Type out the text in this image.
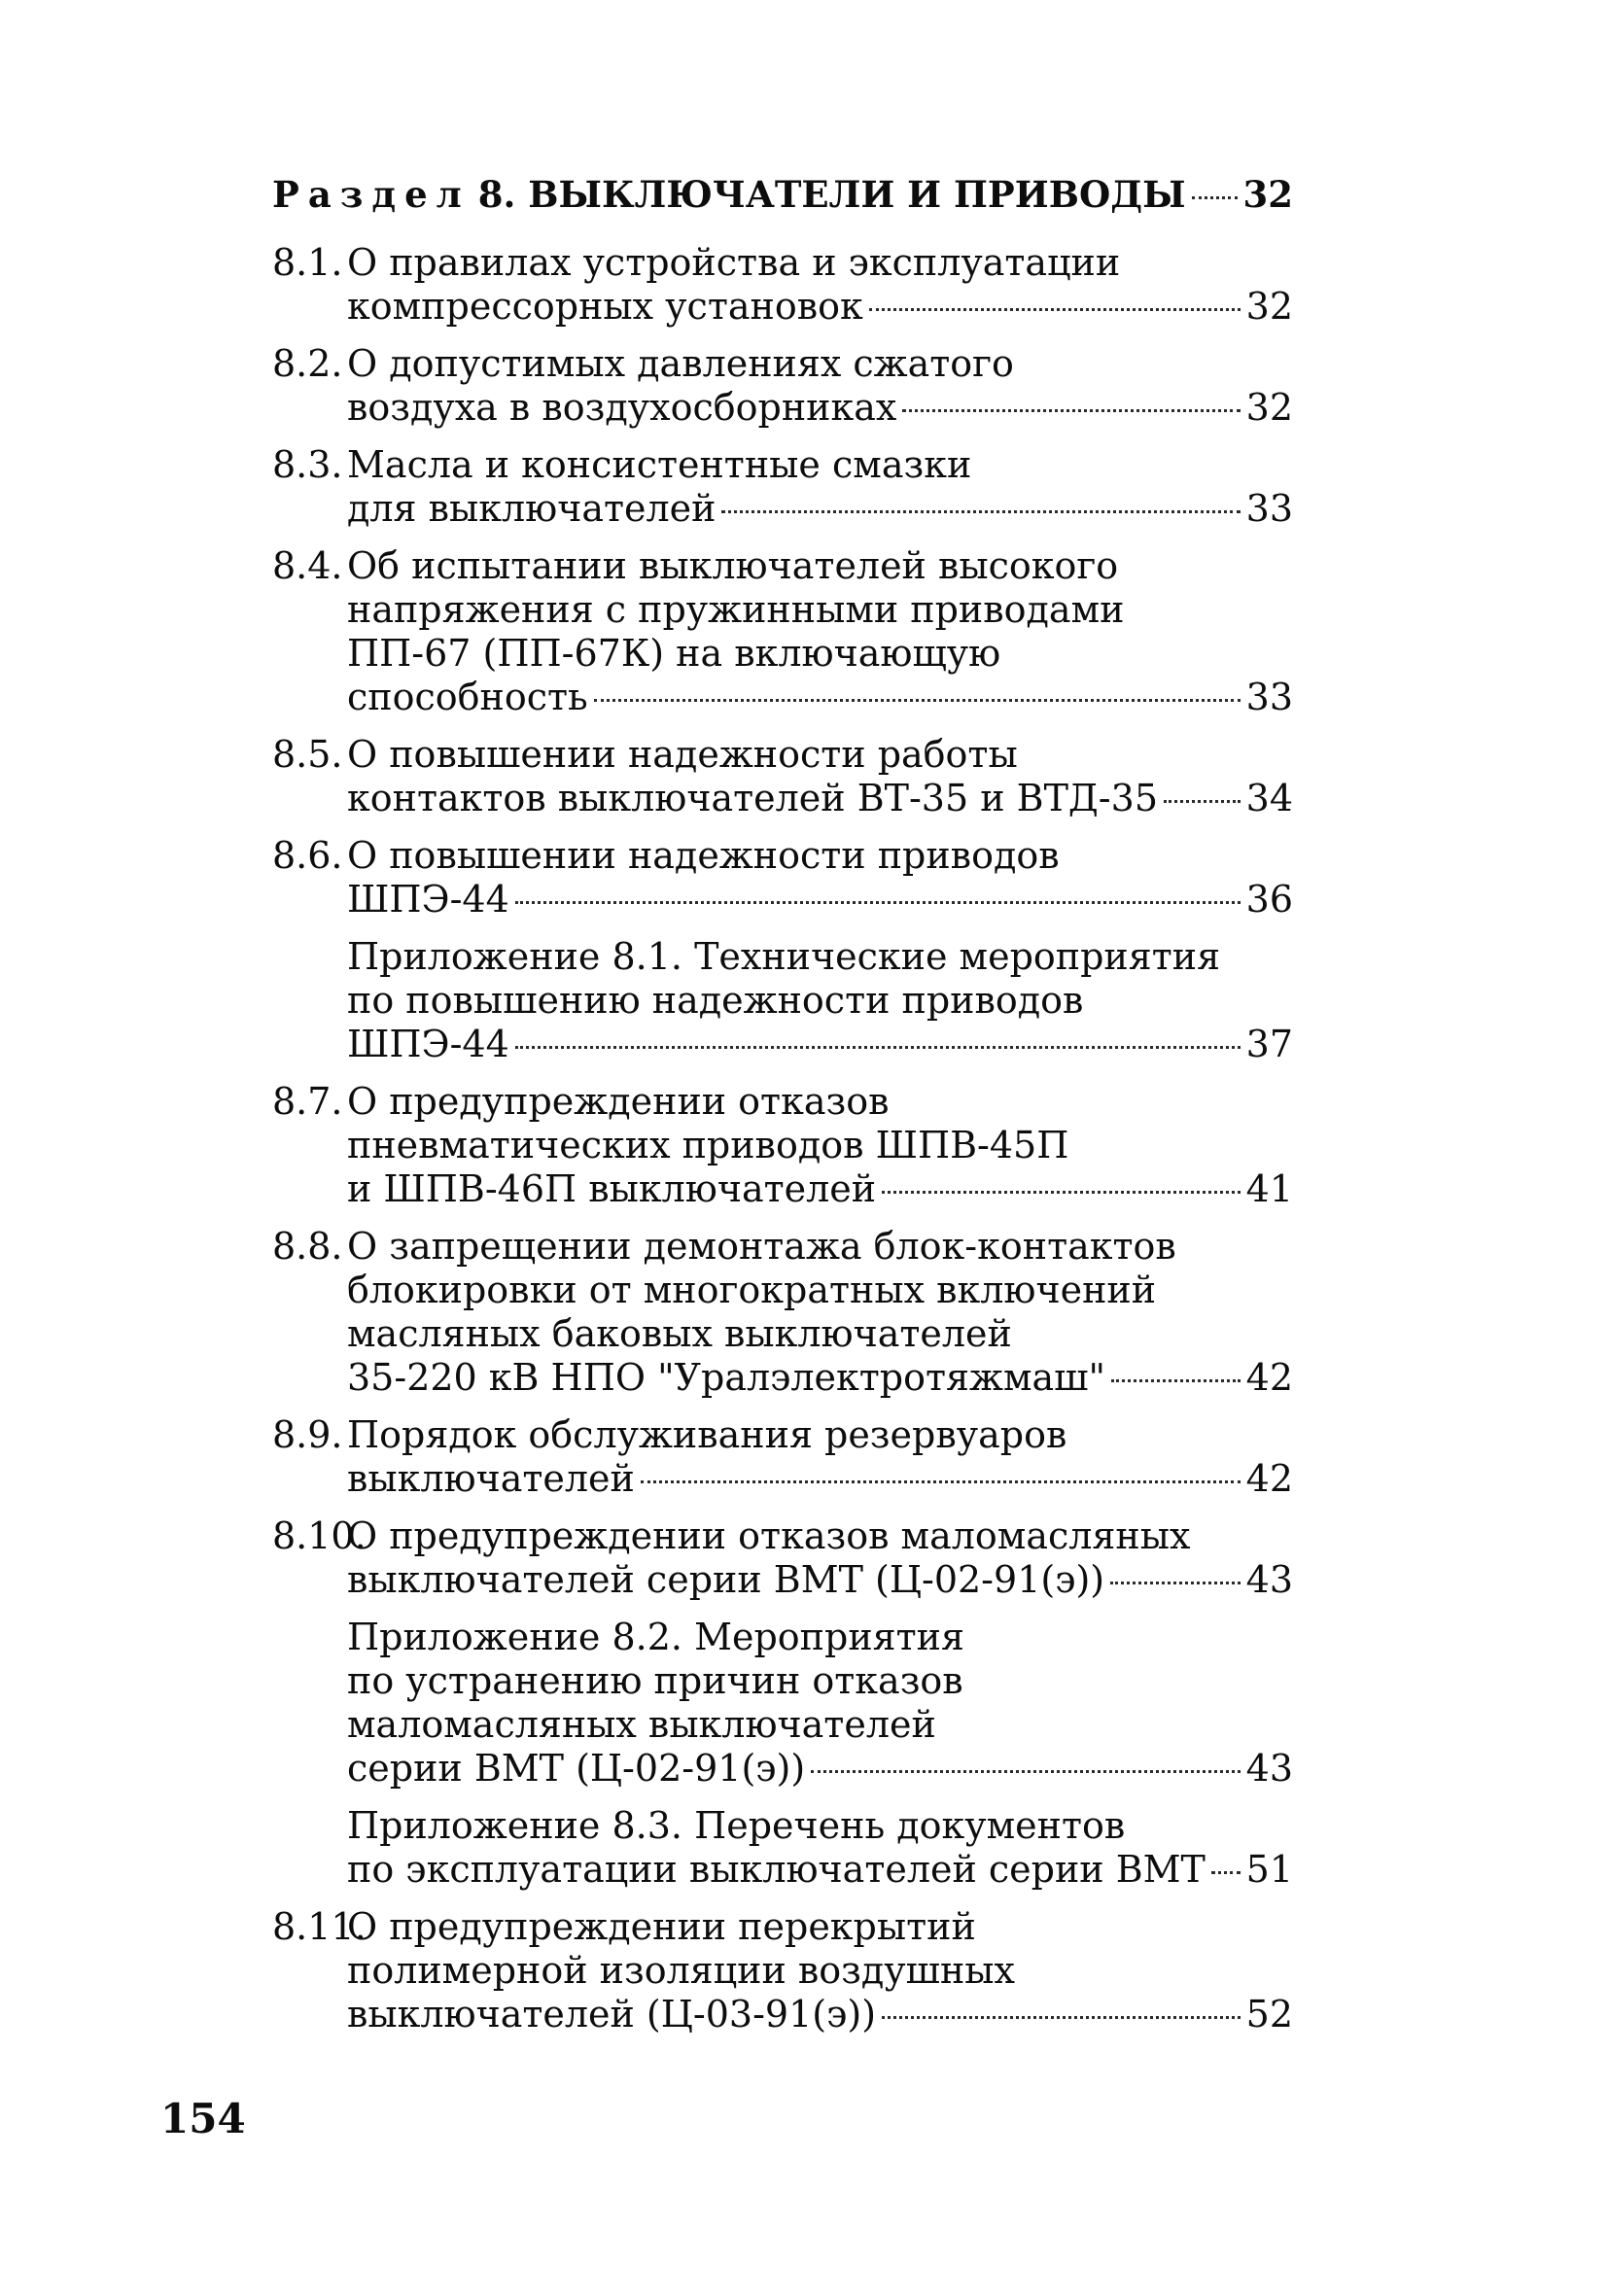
Раздел 8. ВЫКЛЮЧАТЕЛИ И ПРИВОДЫ 32
8.1. О правилах устройства и эксплуатации
компрессорных установок	32
8.2. О допустимых давлениях сжатого
воздуха в воздухосборниках	32
8.3. Масла и консистентные смазки
для выключателей	33
8.4. Об испытании выключателей высокого
напряжения с пружинными приводами
ПП-67 (ПП-67К) на включающую
способность	33
8.5. О повышении надежности работы
контактов выключателей ВТ-35 и ВТД-35 34
8.6. О повышении надежности приводов
ШПЭ-44	36
Приложение 8.1. Технические мероприятия
по повышению надежности приводов
ШПЭ-44	37
8.7. О предупреждении отказов
пневматических приводов ШПВ-45П
и ШПВ-46П выключателей	41
8.8. О запрещении демонтажа блок-контактов
блокировки от многократных включений
масляных баковых выключателей
35-220 кВ НПО "Уралэлектротяжмаш"	42
8.9. Порядок обслуживания резервуаров
выключателей	42
8.10.
О предупреждении отказов маломасляных
выключателей серии ВМТ (Ц-02-91(э))	43
Приложение 8.2. Мероприятия
по устранению причин отказов
маломасляных выключателей
серии ВМТ (Ц-02-91(э))	43
Приложение 8.3. Перечень документов
по эксплуатации выключателей серии ВМТ 51
8.11.
О предупреждении перекрытий
полимерной изоляции воздушных
выключателей (Ц-03-91(э))	52
154
